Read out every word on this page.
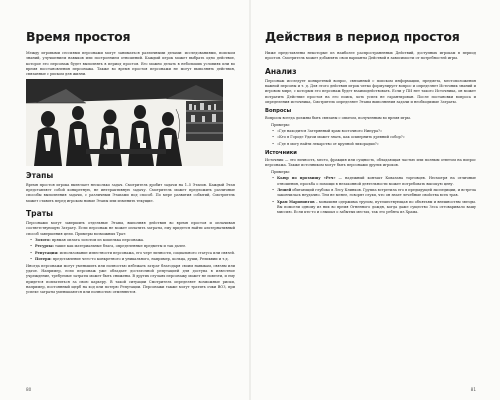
Время простоя

Между игровыми сессиями персонажи могут заниматься различными делами: исследованиями, поиском знаний, улучшением навыков или построением отношений. Каждый игрок может выбрать одно действие, которое его персонаж будет выполнять в период простоя. Его можно делать в небольших условиях или во время восстановления персонажа. Также во время простоя персонажи не могут выполнять действия, связанные с риском для жизни.

Этапы

Время простоя игрока включает несколько задач. Смотритель дробит задачи на 1–5 Этапов. Каждый Этап представляет собой конкретную, не интерактивную задачу. Смотритель может предложить различные способы выполнения задачи, с различным Этапами под способ. По мере развития событий, Смотритель может ставить перед игроком новые Этапы или изменить текущие.

Траты

Персонажи могут завершить отдельные Этапы, выполняя действия во время простоя и оплачивая соответствующую Затрату. Если персонаж не может оплатить затраты, ему придется найти альтернативный способ завершения цели. Примеры возможных Трат:

• Золото: прямая оплата золотом из кошелька персонажа.
• Ресурсы: такие как материальные блага, определенные предметы и так далее.
• Репутация: использование известности персонажа, его черт личности, социального статуса или связей.
• Потеря: представление чего-то конкретного и уникального, например, кольца, души, Реликвии и т.д.

Иногда персонажи могут уменьшить или полностью избежать затрат благодаря своим навыкам, связям или удаче. Например, если персонаж уже обладает достаточной репутацией для доступа в известное учреждение, требуемые затраты может быть снижены. В других случаях персонажу может не повезти, и ему придется поплатиться за свою карьеру. В такой ситуации Смотритель определяет возможные риски, например, постоянный щерб на ход или потерю Репутации. Персонажи также могут тратить очки ВОЗ, при успехе затраты уменьшаются или полностью отменяются.

80
Действия в период простоя

Ниже представлены некоторые из наиболее распространенных Действий, доступных игрокам в период простоя. Смотритель может добавлять свои варианты Действий в зависимости от потребностей игры.

Анализ

Персонаж исследует конкретный вопрос, связанный с поиском информации, предмета, местоположения важной персоны и т. д. Для этого действия игрок четко формулирует вопрос и определяет Источник знаний и игровом мире, с которым его персонаж будет взаимодействовать. Если у ПИ нет такого Источника, он может потратить Действие простоя на его поиск, хоть успех не гарантирован. После постановки вопроса и определения источника, Смотритель определяет Этапы выполнения задачи и необходимые Затраты.

Вопросы

Вопросы всегда должны быть связаны с опытом, полученным во время игры.

Примеры:
• «Где находится Затерянный храм восточного Нипура?»
• «Кто в Городе Удачи может знать, как осквернить древний собор?»
• «Где я могу найти лекарство от крупной лихорадки?»
Источники

Источник — это личность, место, фракция или сущность, обладающая частью или полным ответом на вопрос персонажа. Также источником могут быть персонажи других игроков.

Примеры:
• Кьюр по прозвищу «Реч» — надежный контакт Ковалана торговцев. Несмотря на отличные отношения, просьба о помощи в незаконной деятельности может потребовать высокую цену.
• Лешей обитающий глубоко в Лесу Клинков. Группа встретила его в предыдущей экспедиции, и встреча закончилась неудачно. Тем не менее, говорят слухи, что он знает лечебные свойства всех трав.
• Храм Мароновтов – монахиня одержима трупом, путешествующая по объятьям и внешностям звезды. Вы помогли одному из них во время Огненного дождя, когда даже существо Зеса отговаривало вашу миссию. Если кто-то и слышал о забытых местах, так это ребята из Храма.
81
